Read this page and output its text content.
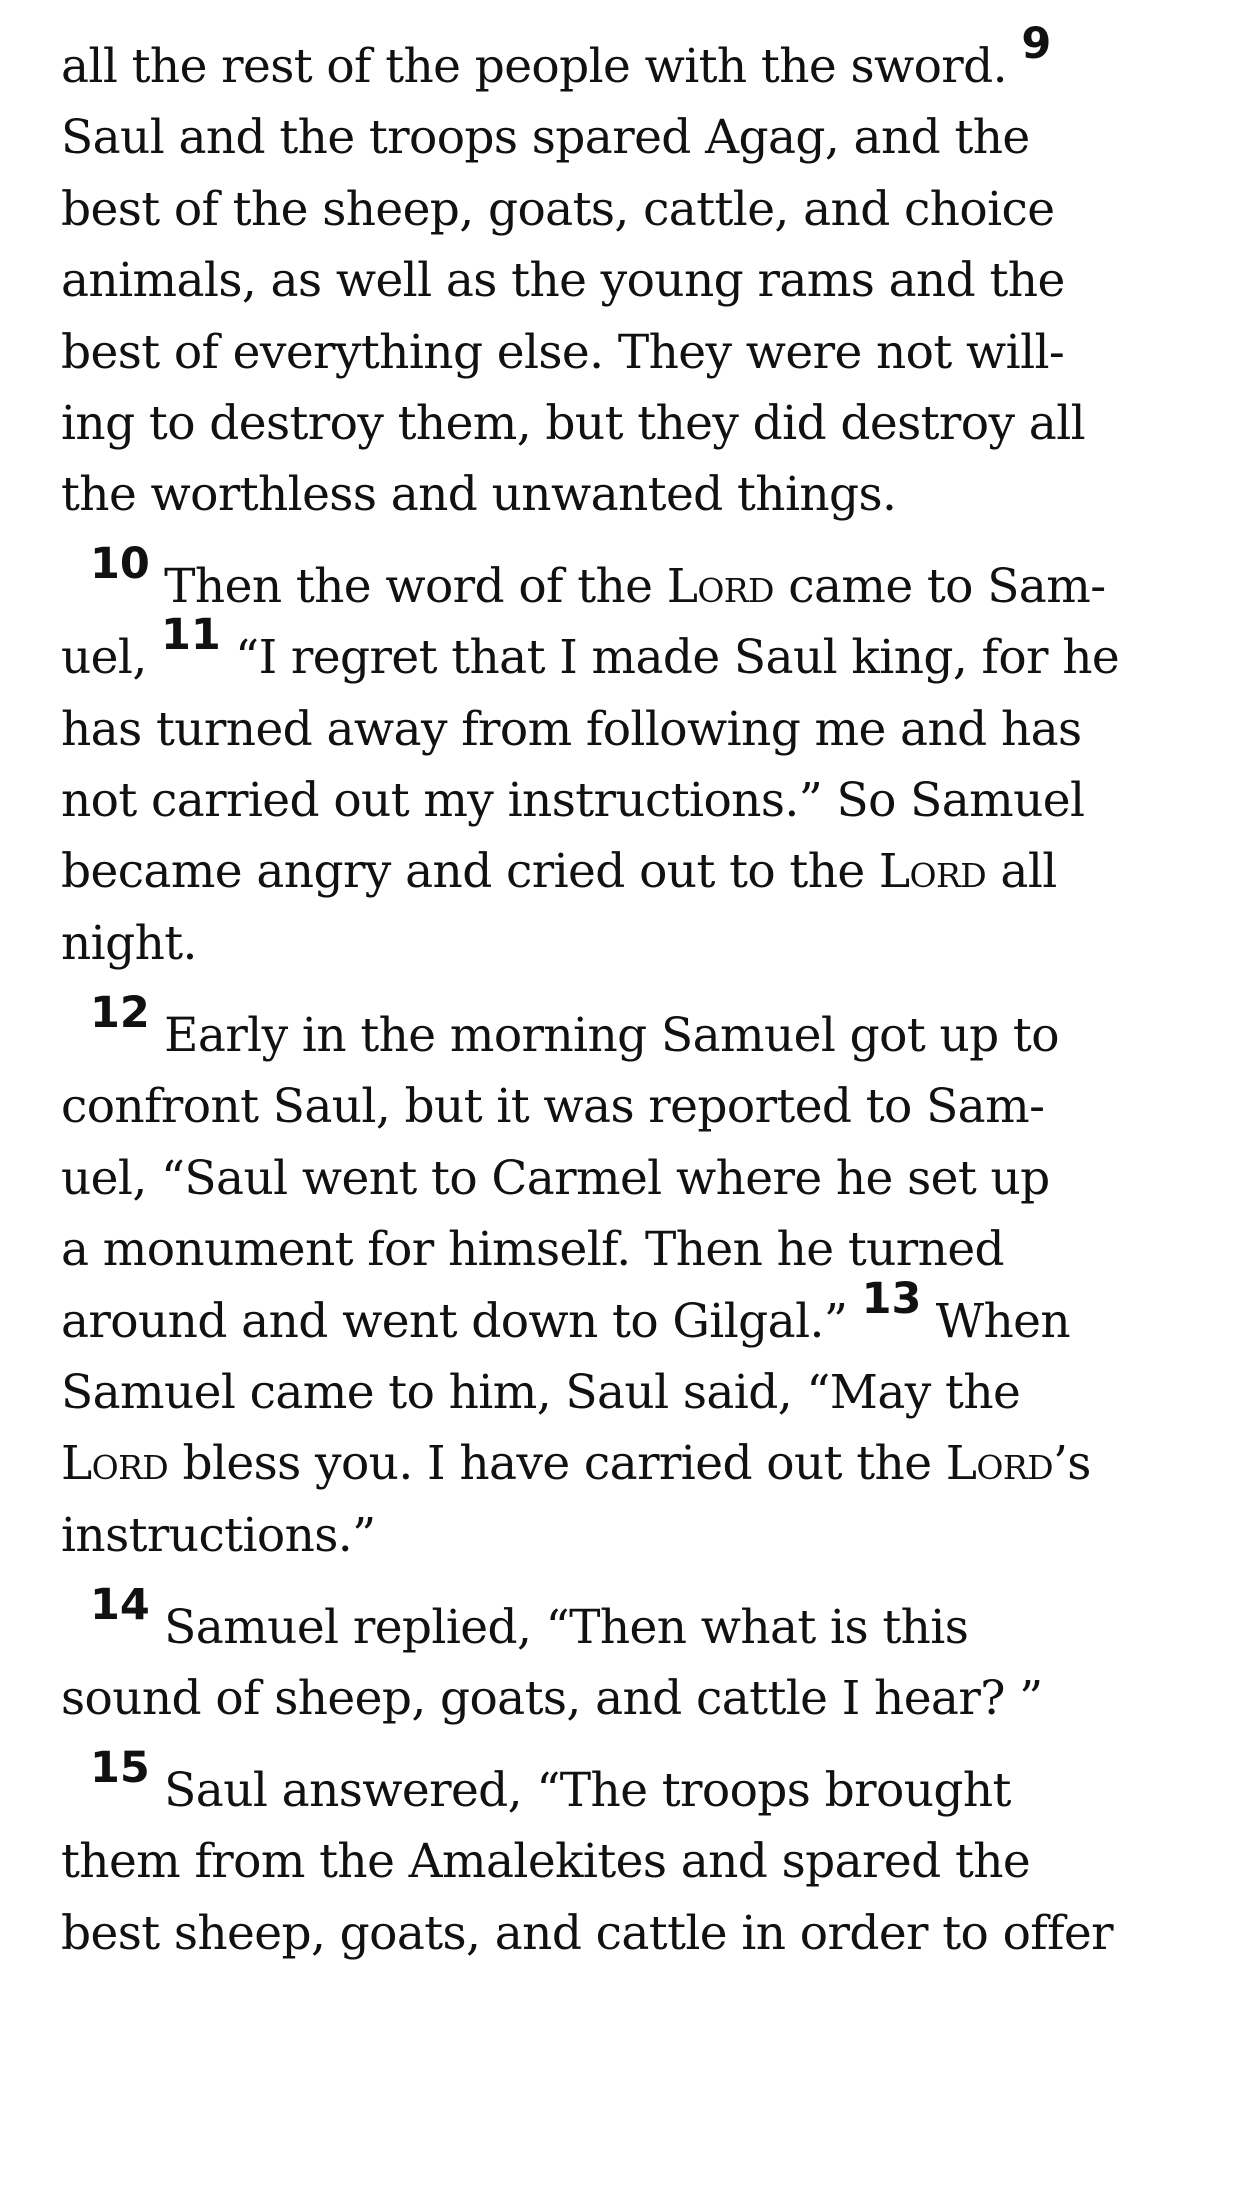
all the rest of the people with the sword. 9
Saul and the troops spared Agag, and the
best of the sheep, goats, cattle, and choice
animals, as well as the young rams and the
best of everything else. They were not will-
ing to destroy them, but they did destroy all
the worthless and unwanted things.
10 Then the word of the Lord came to Sam-
uel, 11 “I regret that I made Saul king, for he
has turned away from following me and has
not carried out my instructions.” So Samuel
became angry and cried out to the Lord all
night.
12 Early in the morning Samuel got up to
confront Saul, but it was reported to Sam-
uel, “Saul went to Carmel where he set up
a monument for himself. Then he turned
around and went down to Gilgal.” 13 When
Samuel came to him, Saul said, “May the
Lord bless you. I have carried out the Lord’s
instructions.”
14 Samuel replied, “Then what is this
sound of sheep, goats, and cattle I hear? ”
15 Saul answered, “The troops brought
them from the Amalekites and spared the
best sheep, goats, and cattle in order to offer
